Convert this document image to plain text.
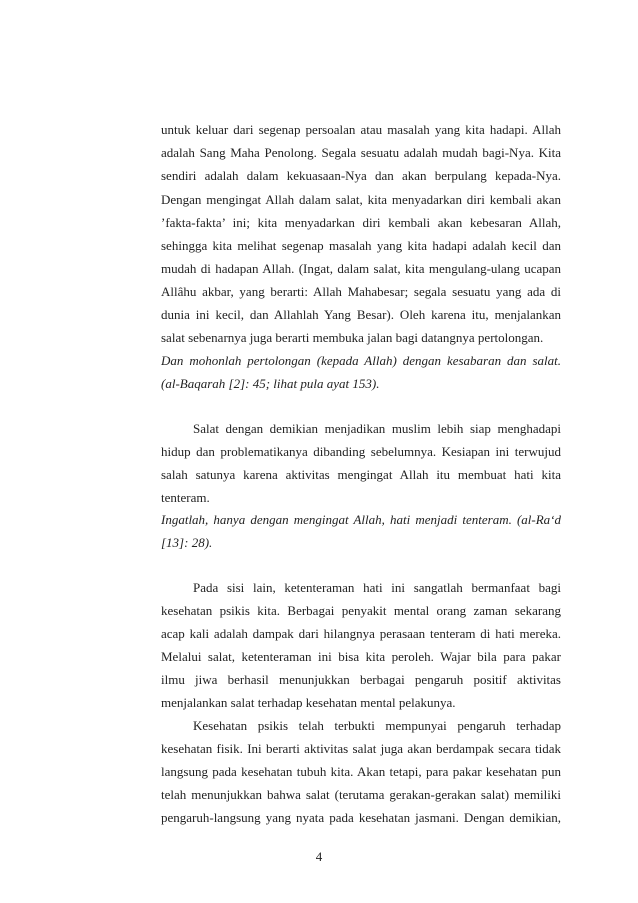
untuk keluar dari segenap persoalan atau masalah yang kita hadapi. Allah
adalah Sang Maha Penolong. Segala sesuatu adalah mudah bagi-Nya. Kita
sendiri adalah dalam kekuasaan-Nya dan akan berpulang kepada-Nya.
Dengan mengingat Allah dalam salat, kita menyadarkan diri kembali akan
’fakta-fakta’ ini; kita menyadarkan diri kembali akan kebesaran Allah,
sehingga kita melihat segenap masalah yang kita hadapi adalah kecil dan
mudah di hadapan Allah. (Ingat, dalam salat, kita mengulang-ulang ucapan
Allâhu akbar, yang berarti: Allah Mahabesar; segala sesuatu yang ada di
dunia ini kecil, dan Allahlah Yang Besar). Oleh karena itu, menjalankan
salat sebenarnya juga berarti membuka jalan bagi datangnya pertolongan.
Dan mohonlah pertolongan (kepada Allah) dengan kesabaran dan salat.
(al-Baqarah [2]: 45; lihat pula ayat 153).
Salat dengan demikian menjadikan muslim lebih siap menghadapi
hidup dan problematikanya dibanding sebelumnya. Kesiapan ini terwujud
salah satunya karena aktivitas mengingat Allah itu membuat hati kita
tenteram.
Ingatlah, hanya dengan mengingat Allah, hati menjadi tenteram. (al-Ra‘d
[13]: 28).
Pada sisi lain, ketenteraman hati ini sangatlah bermanfaat bagi
kesehatan psikis kita. Berbagai penyakit mental orang zaman sekarang
acap kali adalah dampak dari hilangnya perasaan tenteram di hati mereka.
Melalui salat, ketenteraman ini bisa kita peroleh. Wajar bila para pakar
ilmu jiwa berhasil menunjukkan berbagai pengaruh positif aktivitas
menjalankan salat terhadap kesehatan mental pelakunya.
Kesehatan psikis telah terbukti mempunyai pengaruh terhadap
kesehatan fisik. Ini berarti aktivitas salat juga akan berdampak secara tidak
langsung pada kesehatan tubuh kita. Akan tetapi, para pakar kesehatan pun
telah menunjukkan bahwa salat (terutama gerakan-gerakan salat) memiliki
pengaruh-langsung yang nyata pada kesehatan jasmani. Dengan demikian,
4
